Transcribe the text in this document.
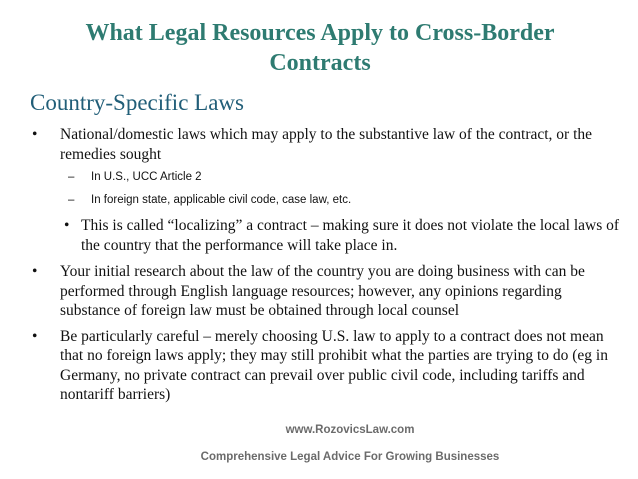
What Legal Resources Apply to Cross-Border
Contracts
Country-Specific Laws
• National/domestic laws which may apply to the substantive law of the contract, or the remedies sought
– In U.S., UCC Article 2
– In foreign state, applicable civil code, case law, etc.
• This is called “localizing” a contract – making sure it does not violate the local laws of the country that the performance will take place in.
• Your initial research about the law of the country you are doing business with can be performed through English language resources; however, any opinions regarding substance of foreign law must be obtained through local counsel
• Be particularly careful – merely choosing U.S. law to apply to a contract does not mean that no foreign laws apply; they may still prohibit what the parties are trying to do (eg in Germany, no private contract can prevail over public civil code, including tariffs and nontariff barriers)
www.RozovicsLaw.com
Comprehensive Legal Advice For Growing Businesses
